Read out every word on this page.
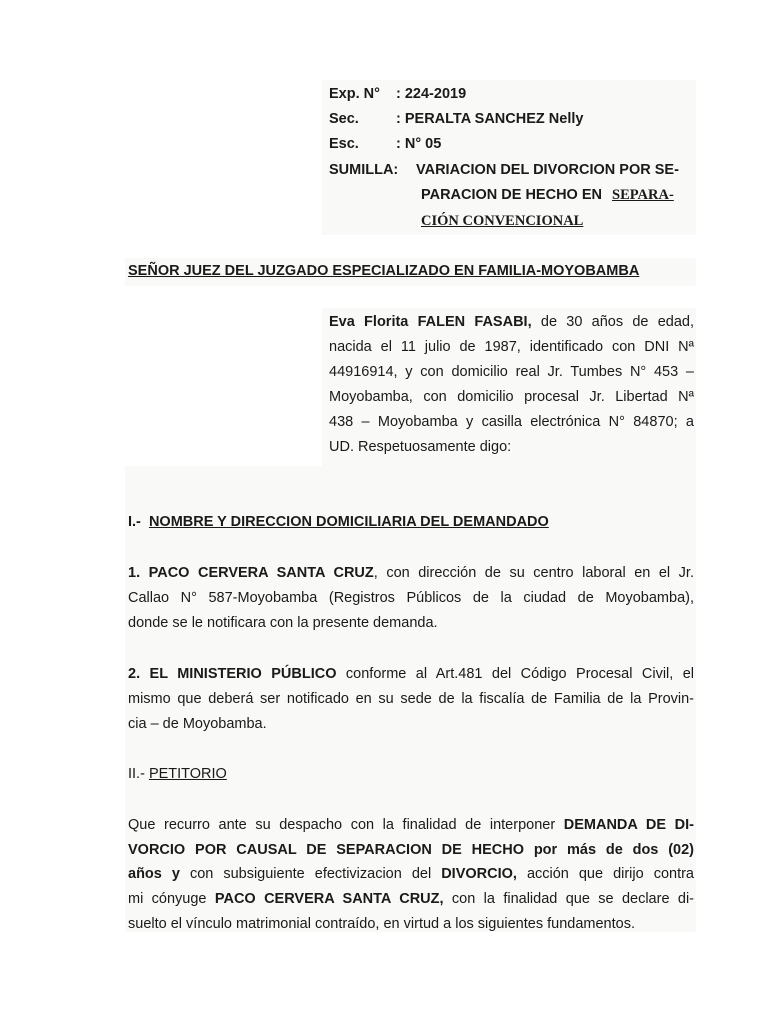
Exp. N° : 224-2019
Sec.	: PERALTA SANCHEZ Nelly
Esc.	: N° 05
SUMILLA: VARIACION DEL DIVORCION POR SE-
PARACION DE HECHO EN SEPARA-
CIÓN CONVENCIONAL
SEÑOR JUEZ DEL JUZGADO ESPECIALIZADO EN FAMILIA-MOYOBAMBA
Eva Florita FALEN FASABI, de 30 años de edad,
nacida el 11 julio de 1987, identificado con DNI Nª
44916914, y con domicilio real Jr. Tumbes N° 453 –
Moyobamba, con domicilio procesal Jr. Libertad Nª
438 – Moyobamba y casilla electrónica N° 84870; a
UD. Respetuosamente digo:
I.- NOMBRE Y DIRECCION DOMICILIARIA DEL DEMANDADO
1. PACO CERVERA SANTA CRUZ, con dirección de su centro laboral en el Jr.
Callao N° 587-Moyobamba (Registros Públicos de la ciudad de Moyobamba),
donde se le notificara con la presente demanda.
2. EL MINISTERIO PÚBLICO conforme al Art.481 del Código Procesal Civil, el
mismo que deberá ser notificado en su sede de la fiscalía de Familia de la Provin-
cia – de Moyobamba.
II.- PETITORIO
Que recurro ante su despacho con la finalidad de interponer DEMANDA DE DI-
VORCIO POR CAUSAL DE SEPARACION DE HECHO por más de dos (02)
años y con subsiguiente efectivizacion del DIVORCIO, acción que dirijo contra
mi cónyuge PACO CERVERA SANTA CRUZ, con la finalidad que se declare di-
suelto el vínculo matrimonial contraído, en virtud a los siguientes fundamentos.
